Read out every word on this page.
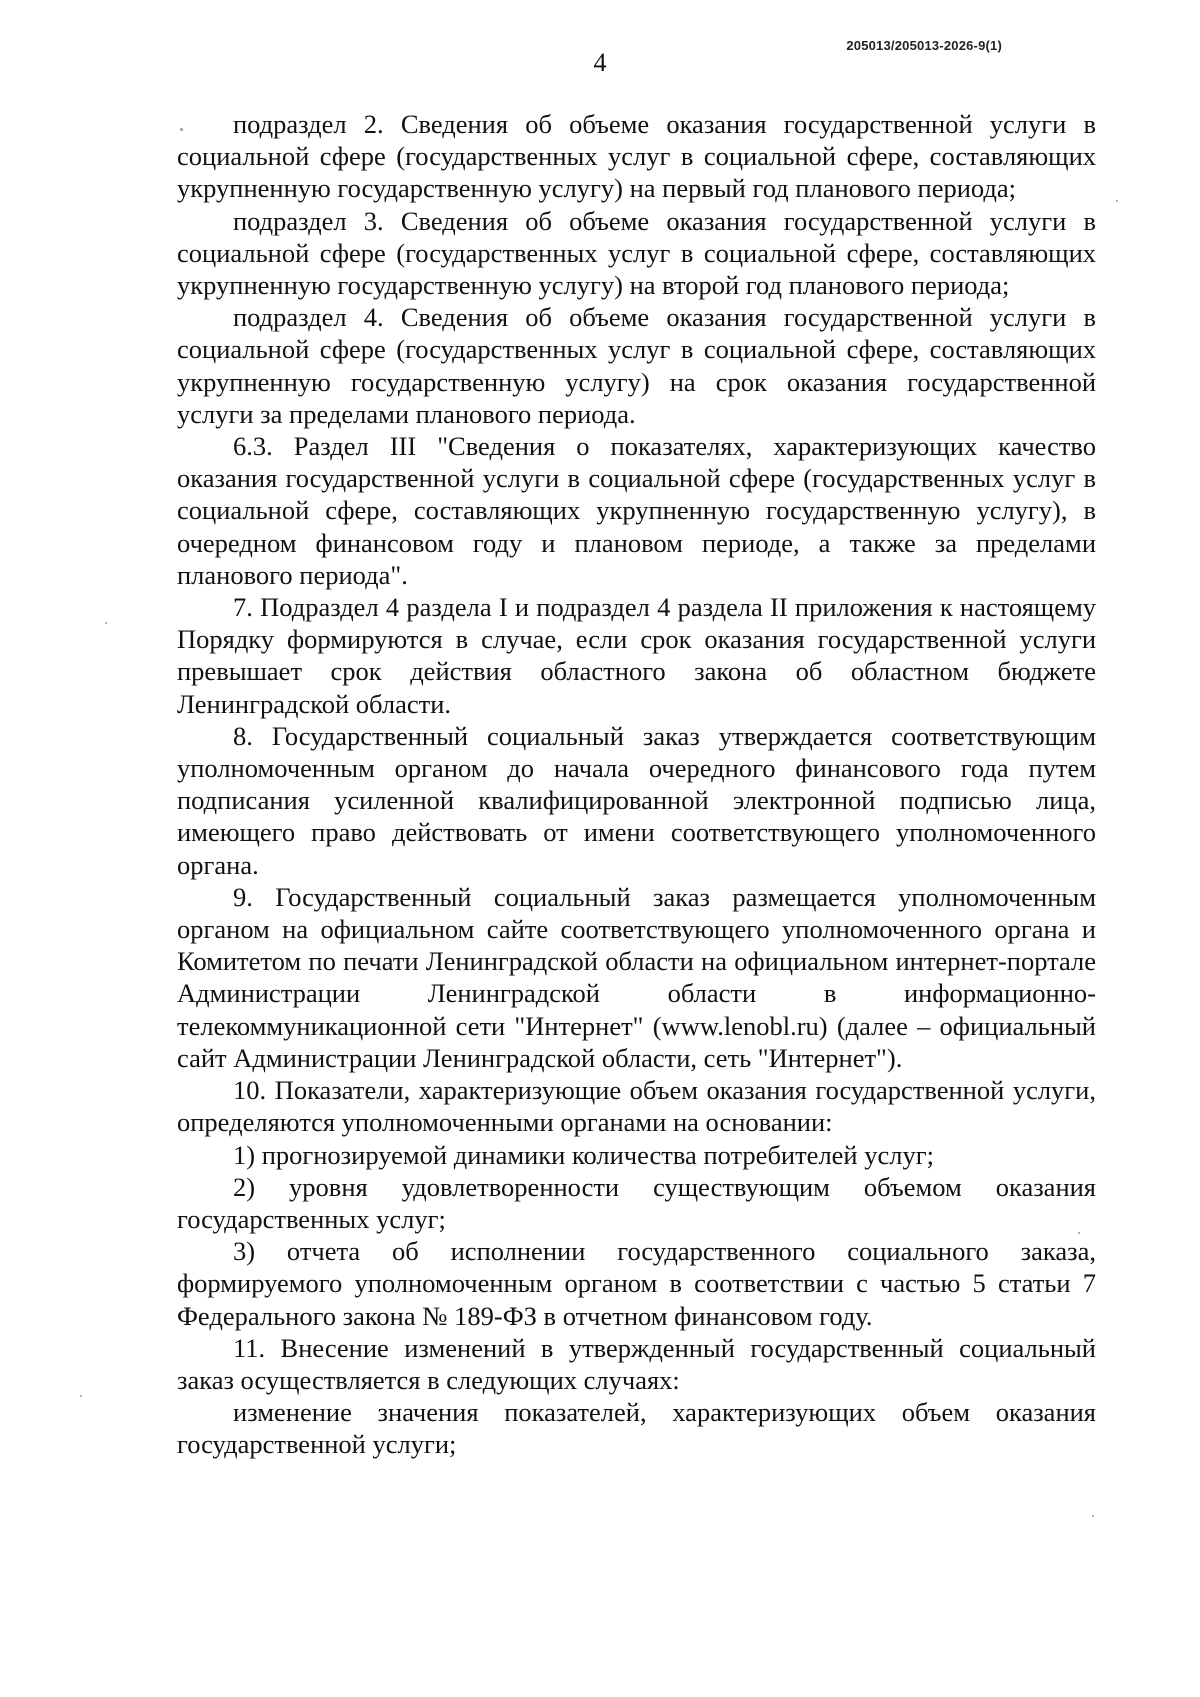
205013/205013-2026-9(1)
4

подраздел 2. Сведения об объеме оказания государственной услуги в социальной сфере (государственных услуг в социальной сфере, составляющих укрупненную государственную услугу) на первый год планового периода;

подраздел 3. Сведения об объеме оказания государственной услуги в социальной сфере (государственных услуг в социальной сфере, составляющих укрупненную государственную услугу) на второй год планового периода;

подраздел 4. Сведения об объеме оказания государственной услуги в социальной сфере (государственных услуг в социальной сфере, составляющих укрупненную государственную услугу) на срок оказания государственной услуги за пределами планового периода.

6.3. Раздел III "Сведения о показателях, характеризующих качество оказания государственной услуги в социальной сфере (государственных услуг в социальной сфере, составляющих укрупненную государственную услугу), в очередном финансовом году и плановом периоде, а также за пределами планового периода".

7. Подраздел 4 раздела I и подраздел 4 раздела II приложения к настоящему Порядку формируются в случае, если срок оказания государственной услуги превышает срок действия областного закона об областном бюджете Ленинградской области.

8. Государственный социальный заказ утверждается соответствующим уполномоченным органом до начала очередного финансового года путем подписания усиленной квалифицированной электронной подписью лица, имеющего право действовать от имени соответствующего уполномоченного органа.

9. Государственный социальный заказ размещается уполномоченным органом на официальном сайте соответствующего уполномоченного органа и Комитетом по печати Ленинградской области на официальном интернет-портале Администрации Ленинградской области в информационно-телекоммуникационной сети "Интернет" (www.lenobl.ru) (далее – официальный сайт Администрации Ленинградской области, сеть "Интернет").

10. Показатели, характеризующие объем оказания государственной услуги, определяются уполномоченными органами на основании:

1) прогнозируемой динамики количества потребителей услуг;

2) уровня удовлетворенности существующим объемом оказания государственных услуг;

3) отчета об исполнении государственного социального заказа, формируемого уполномоченным органом в соответствии с частью 5 статьи 7 Федерального закона № 189-ФЗ в отчетном финансовом году.

11. Внесение изменений в утвержденный государственный социальный заказ осуществляется в следующих случаях:

изменение значения показателей, характеризующих объем оказания государственной услуги;
